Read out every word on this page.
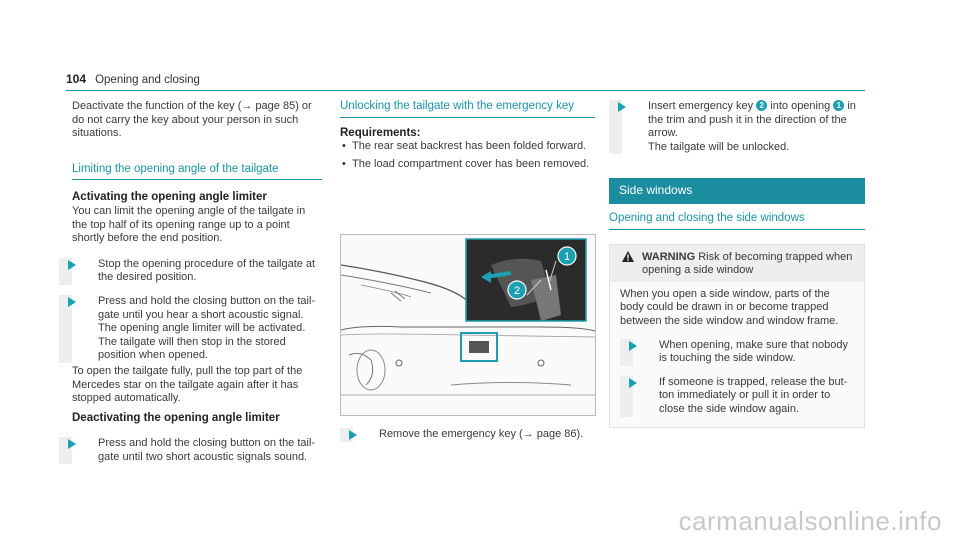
104 Opening and closing

Deactivate the function of the key (→ page 85) or do not carry the key about your person in such situations.

Limiting the opening angle of the tailgate
Activating the opening angle limiter

You can limit the opening angle of the tailgate in the top half of its opening range up to a point shortly before the end position.

Stop the opening procedure of the tailgate at the desired position.
Press and hold the closing button on the tail- gate until you hear a short acoustic signal. The opening angle limiter will be activated. The tailgate will then stop in the stored position when opened.

To open the tailgate fully, pull the top part of the Mercedes star on the tailgate again after it has stopped automatically.

Deactivating the opening angle limiter
Press and hold the closing button on the tail- gate until two short acoustic signals sound.
Unlocking the tailgate with the emergency key
Requirements:
• The rear seat backrest has been folded forward.
• The load compartment cover has been removed.
1
2
Remove the emergency key (→ page 86).
Insert emergency key 2 into opening 1 in the trim and push it in the direction of the arrow.
The tailgate will be unlocked.
Side windows
Opening and closing the side windows
WARNING Risk of becoming trapped when opening a side window

When you open a side window, parts of the body could be drawn in or become trapped between the side window and window frame.

When opening, make sure that nobody is touching the side window.
If someone is trapped, release the but- ton immediately or pull it in order to close the side window again.
carmanualsonline.info
